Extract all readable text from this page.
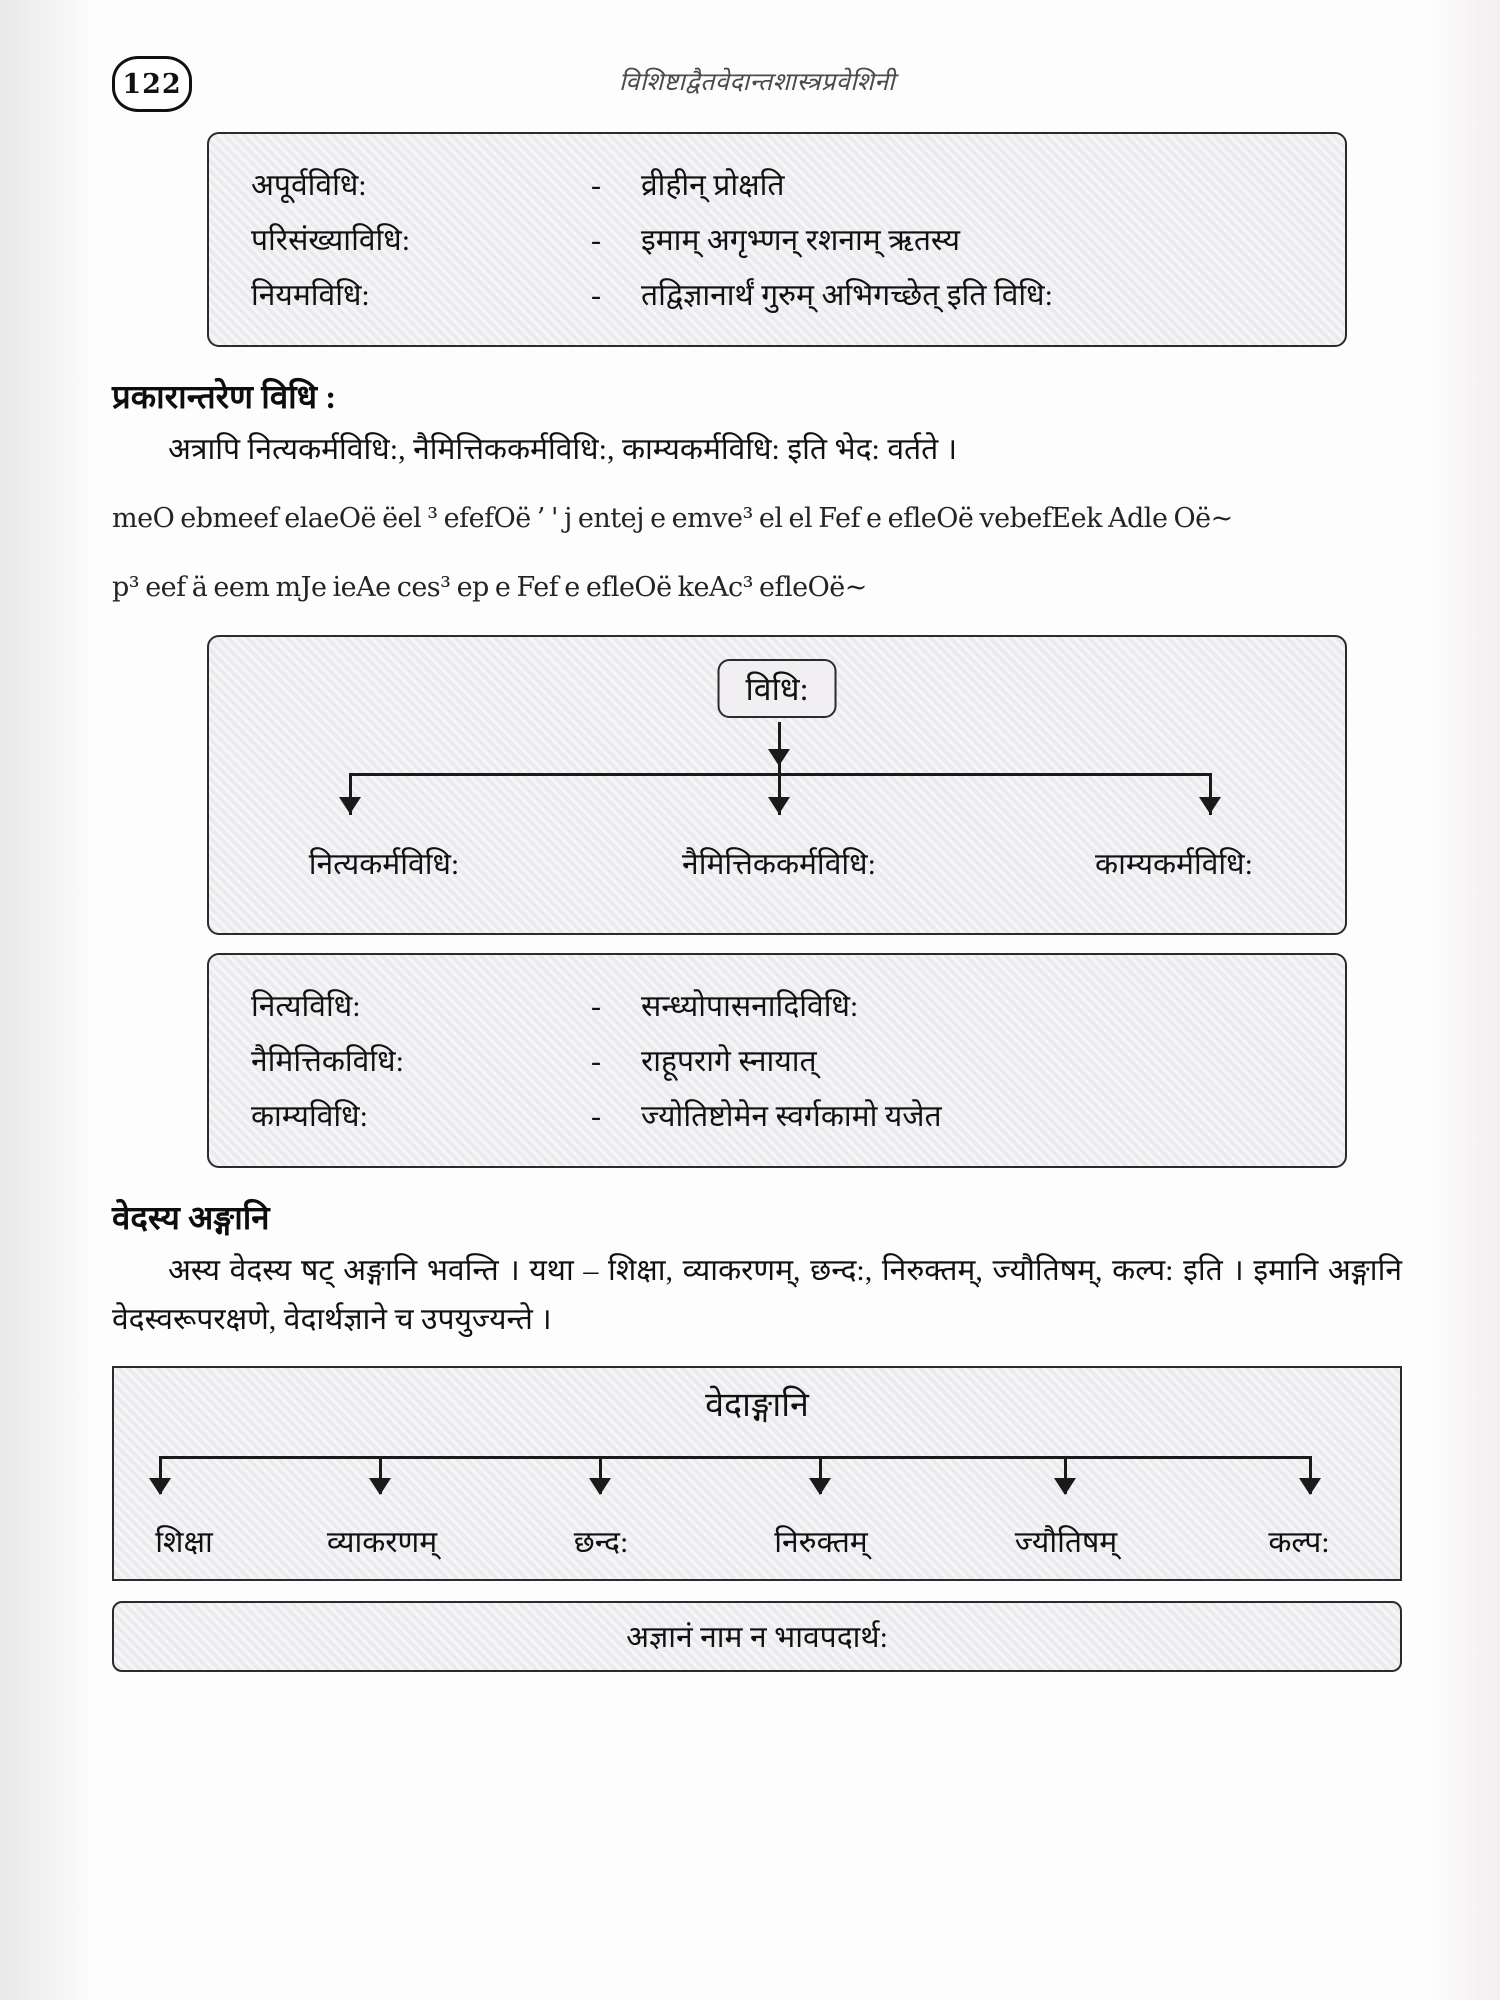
122	विशिष्टाद्वैतवेदान्तशास्त्रप्रवेशिनी
अपूर्वविधि:	-	व्रीहीन् प्रोक्षति
परिसंख्याविधि:	-	इमाम् अगृभ्णन् रशनाम् ऋतस्य
नियमविधि:	-	तद्विज्ञानार्थं गुरुम् अभिगच्छेत् इति विधि:
प्रकारान्तरेण विधि :

अत्रापि नित्यकर्मविधि:, नैमित्तिककर्मविधि:, काम्यकर्मविधि: इति भेद: वर्तते ।

meO ebmeef elaeOë ëel ³ efefOë ’ ' j entej e emve³ el el Fef e efleOë vebefEek Adle Oë~

p³ eef ä eem mJe ieAe ces³ ep e Fef e efleOë keAc³ efleOë~

विधि:
नित्यकर्मविधि:	नैमित्तिककर्मविधि:	काम्यकर्मविधि:
नित्यविधि:	-	सन्ध्योपासनादिविधि:
नैमित्तिकविधि:	-	राहूपरागे स्नायात्
काम्यविधि:	-	ज्योतिष्टोमेन स्वर्गकामो यजेत
वेदस्य अङ्गानि

अस्य वेदस्य षट् अङ्गानि भवन्ति । यथा – शिक्षा, व्याकरणम्, छन्द:, निरुक्तम्, ज्यौतिषम्, कल्प: इति । इमानि अङ्गानि वेदस्वरूपरक्षणे, वेदार्थज्ञाने च उपयुज्यन्ते ।

वेदाङ्गानि
शिक्षा	व्याकरणम्	छन्द:	निरुक्तम्	ज्यौतिषम्	कल्प:
अज्ञानं नाम न भावपदार्थ:
